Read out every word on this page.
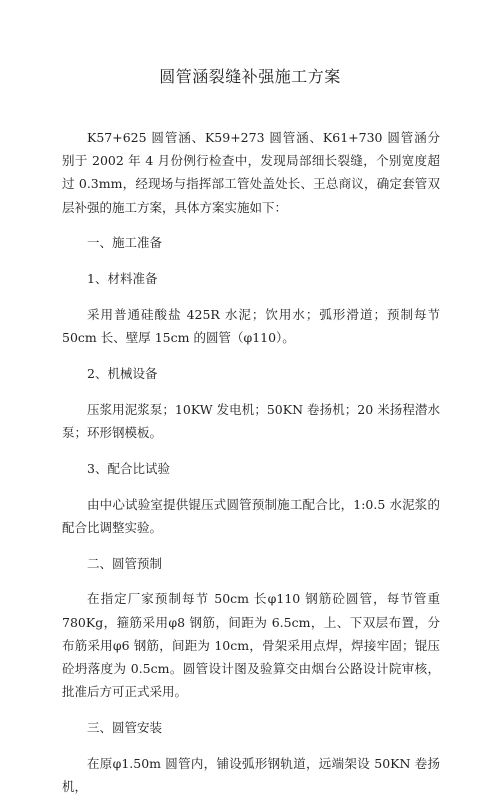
圆管涵裂缝补强施工方案

K57+625 圆管涵、K59+273 圆管涵、K61+730 圆管涵分别于 2002 年 4 月份例行检查中，发现局部细长裂缝，个别宽度超过 0.3mm，经现场与指挥部工管处盖处长、王总商议，确定套管双层补强的施工方案，具体方案实施如下：

一、施工准备

1、材料准备

采用普通硅酸盐 425R 水泥；饮用水；弧形滑道；预制每节 50cm 长、壁厚 15cm 的圆管（φ110）。

2、机械设备

压浆用泥浆泵；10KW 发电机；50KN 卷扬机；20 米扬程潜水泵；环形钢模板。

3、配合比试验

由中心试验室提供锟压式圆管预制施工配合比，1:0.5 水泥浆的配合比调整实验。

二、圆管预制

在指定厂家预制每节 50cm 长φ110 钢筋砼圆管，每节管重 780Kg，箍筋采用φ8 钢筋，间距为 6.5cm，上、下双层布置，分布筋采用φ6 钢筋，间距为 10cm，骨架采用点焊，焊接牢固；锟压砼坍落度为 0.5cm。圆管设计图及验算交由烟台公路设计院审核，批准后方可正式采用。

三、圆管安装

在原φ1.50m 圆管内，铺设弧形钢轨道，远端架设 50KN 卷扬机，
